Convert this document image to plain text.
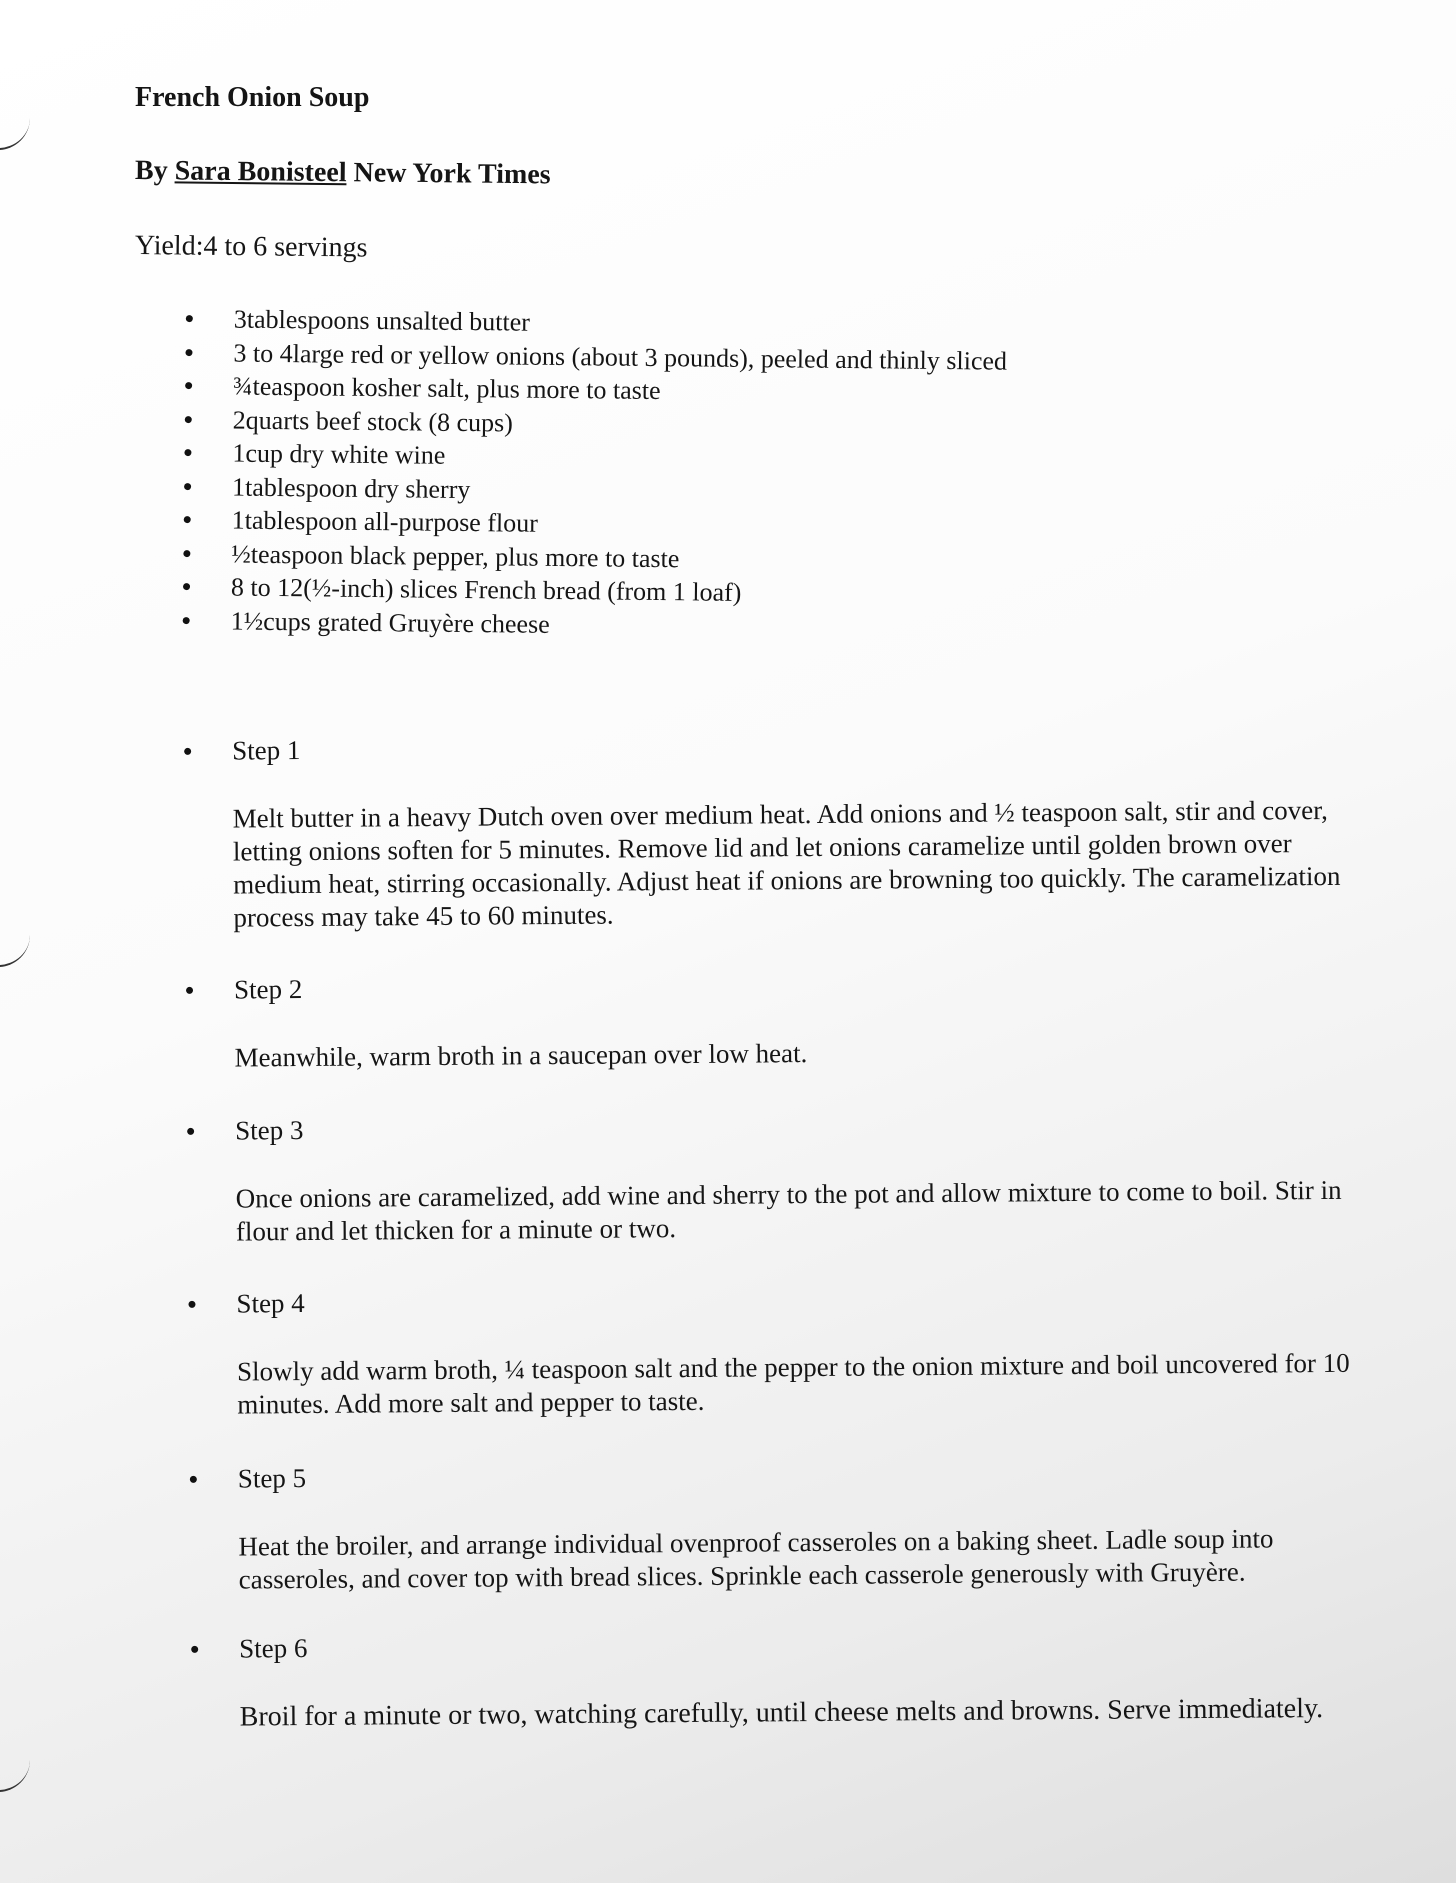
French Onion Soup
By Sara Bonisteel New York Times
Yield:4 to 6 servings
3tablespoons unsalted butter
3 to 4large red or yellow onions (about 3 pounds), peeled and thinly sliced
¾teaspoon kosher salt, plus more to taste
2quarts beef stock (8 cups)
1cup dry white wine
1tablespoon dry sherry
1tablespoon all-purpose flour
½teaspoon black pepper, plus more to taste
8 to 12(½-inch) slices French bread (from 1 loaf)
1½cups grated Gruyère cheese
Step 1
Melt butter in a heavy Dutch oven over medium heat. Add onions and ½ teaspoon salt, stir and cover, letting onions soften for 5 minutes. Remove lid and let onions caramelize until golden brown over medium heat, stirring occasionally. Adjust heat if onions are browning too quickly. The caramelization process may take 45 to 60 minutes.
Step 2
Meanwhile, warm broth in a saucepan over low heat.
Step 3
Once onions are caramelized, add wine and sherry to the pot and allow mixture to come to boil. Stir in flour and let thicken for a minute or two.
Step 4
Slowly add warm broth, ¼ teaspoon salt and the pepper to the onion mixture and boil uncovered for 10 minutes. Add more salt and pepper to taste.
Step 5
Heat the broiler, and arrange individual ovenproof casseroles on a baking sheet. Ladle soup into casseroles, and cover top with bread slices. Sprinkle each casserole generously with Gruyère.
Step 6
Broil for a minute or two, watching carefully, until cheese melts and browns. Serve immediately.
